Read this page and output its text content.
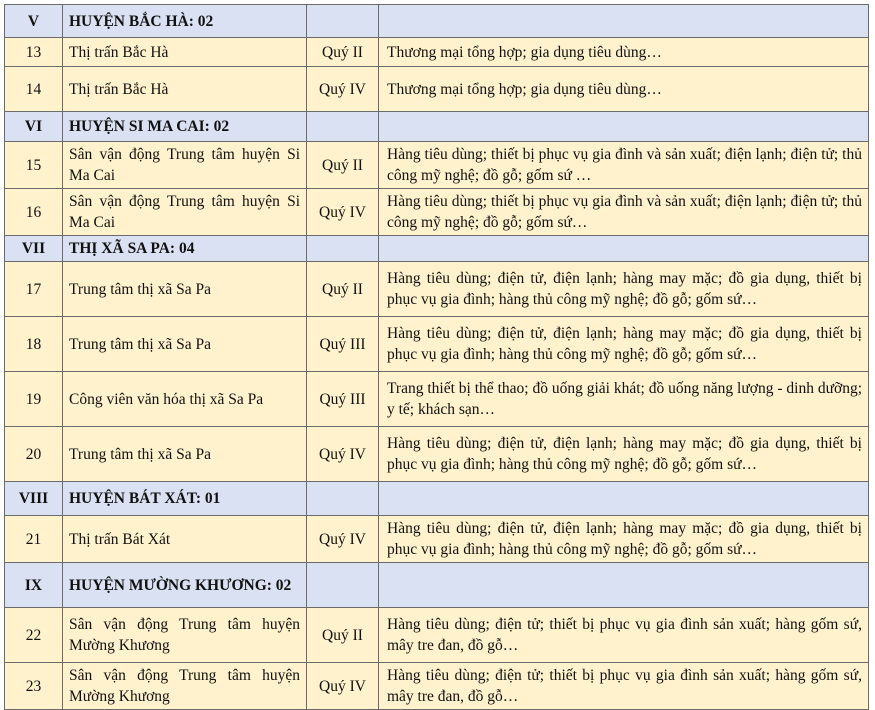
V	HUYỆN BẮC HÀ: 02		
13	Thị trấn Bắc Hà	Quý II	Thương mại tổng hợp; gia dụng tiêu dùng…
14	Thị trấn Bắc Hà	Quý IV	Thương mại tổng hợp; gia dụng tiêu dùng…
VI	HUYỆN SI MA CAI: 02		
15	Sân vận động Trung tâm huyện Si Ma Cai	Quý II	Hàng tiêu dùng; thiết bị phục vụ gia đình và sản xuất; điện lạnh; điện tử; thủ công mỹ nghệ; đồ gỗ; gốm sứ …
16	Sân vận động Trung tâm huyện Si Ma Cai	Quý IV	Hàng tiêu dùng; thiết bị phục vụ gia đình và sản xuất; điện lạnh; điện tử; thủ công mỹ nghệ; đồ gỗ; gốm sứ…
VII	THỊ XÃ SA PA: 04		
17	Trung tâm thị xã Sa Pa	Quý II	Hàng tiêu dùng; điện tử, điện lạnh; hàng may mặc; đồ gia dụng, thiết bị phục vụ gia đình; hàng thủ công mỹ nghệ; đồ gỗ; gốm sứ…
18	Trung tâm thị xã Sa Pa	Quý III	Hàng tiêu dùng; điện tử, điện lạnh; hàng may mặc; đồ gia dụng, thiết bị phục vụ gia đình; hàng thủ công mỹ nghệ; đồ gỗ; gốm sứ…
19	Công viên văn hóa thị xã Sa Pa	Quý III	Trang thiết bị thể thao; đồ uống giải khát; đồ uống năng lượng - dinh dưỡng; y tế; khách sạn…
20	Trung tâm thị xã Sa Pa	Quý IV	Hàng tiêu dùng; điện tử, điện lạnh; hàng may mặc; đồ gia dụng, thiết bị phục vụ gia đình; hàng thủ công mỹ nghệ; đồ gỗ; gốm sứ…
VIII	HUYỆN BÁT XÁT: 01		
21	Thị trấn Bát Xát	Quý IV	Hàng tiêu dùng; điện tử, điện lạnh; hàng may mặc; đồ gia dụng, thiết bị phục vụ gia đình; hàng thủ công mỹ nghệ; đồ gỗ; gốm sứ…
IX	HUYỆN MƯỜNG KHƯƠNG: 02		
22	Sân vận động Trung tâm huyện Mường Khương	Quý II	Hàng tiêu dùng; điện tử; thiết bị phục vụ gia đình sản xuất; hàng gốm sứ, mây tre đan, đồ gỗ…
23	Sân vận động Trung tâm huyện Mường Khương	Quý IV	Hàng tiêu dùng; điện tử; thiết bị phục vụ gia đình sản xuất; hàng gốm sứ, mây tre đan, đồ gỗ…
